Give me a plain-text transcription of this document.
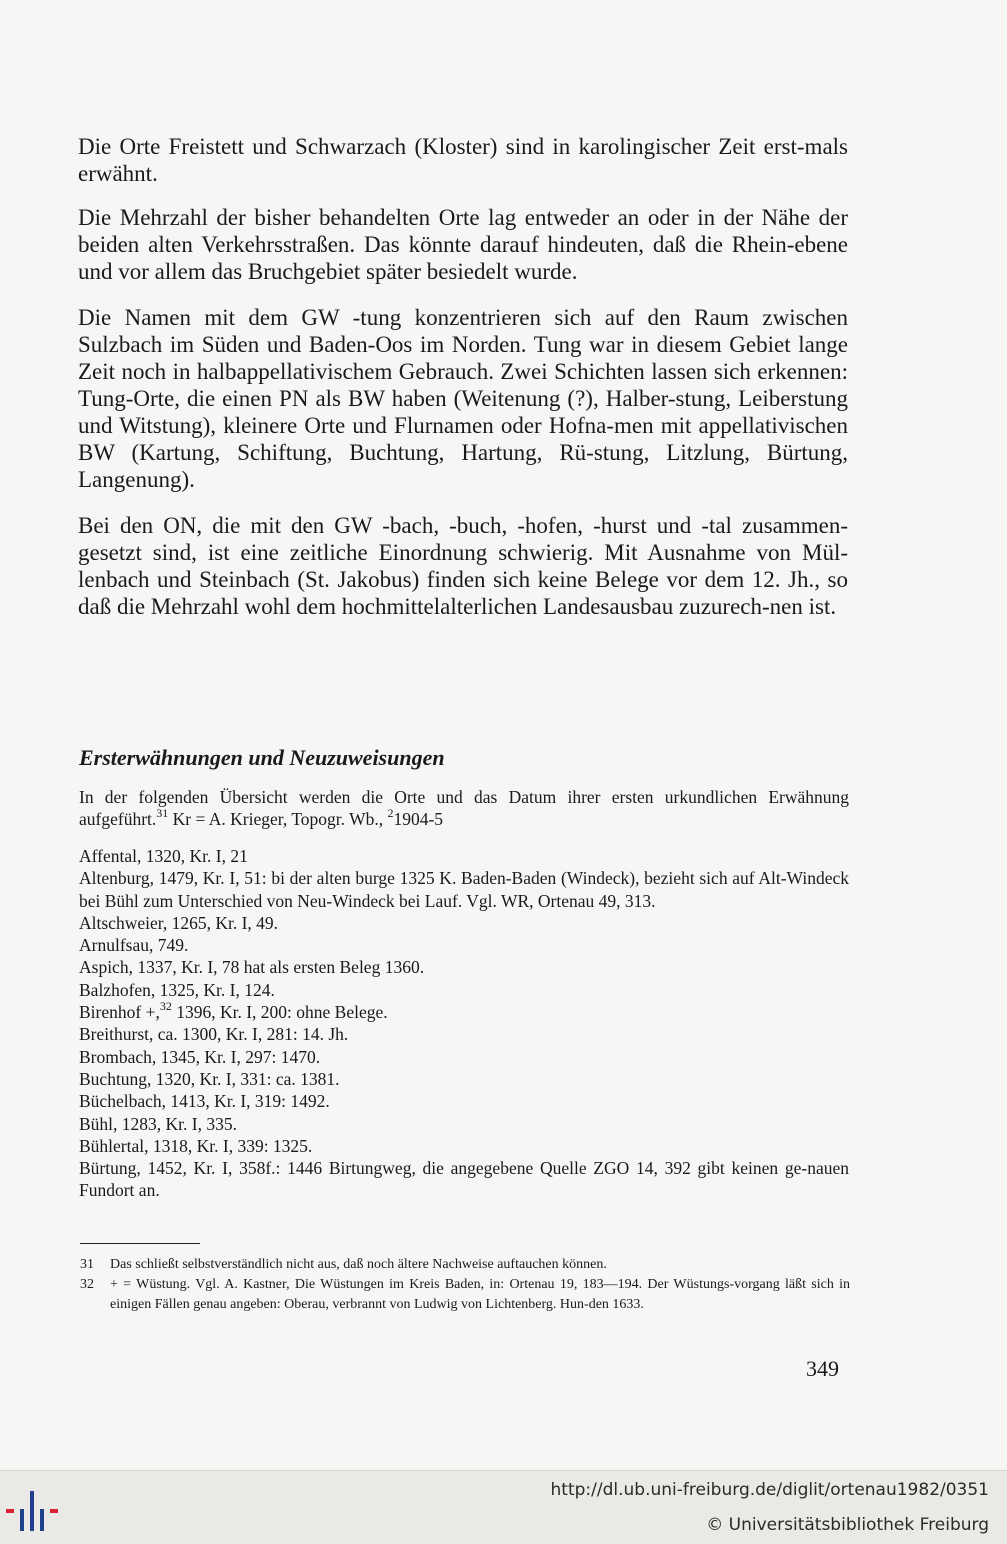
Die Orte Freistett und Schwarzach (Kloster) sind in karolingischer Zeit erst-mals erwähnt.

Die Mehrzahl der bisher behandelten Orte lag entweder an oder in der Nähe der beiden alten Verkehrsstraßen. Das könnte darauf hindeuten, daß die Rhein-ebene und vor allem das Bruchgebiet später besiedelt wurde.

Die Namen mit dem GW -tung konzentrieren sich auf den Raum zwischen Sulzbach im Süden und Baden-Oos im Norden. Tung war in diesem Gebiet lange Zeit noch in halbappellativischem Gebrauch. Zwei Schichten lassen sich erkennen: Tung-Orte, die einen PN als BW haben (Weitenung (?), Halber-stung, Leiberstung und Witstung), kleinere Orte und Flurnamen oder Hofna-men mit appellativischen BW (Kartung, Schiftung, Buchtung, Hartung, Rü-stung, Litzlung, Bürtung, Langenung).

Bei den ON, die mit den GW -bach, -buch, -hofen, -hurst und -tal zusammen-gesetzt sind, ist eine zeitliche Einordnung schwierig. Mit Ausnahme von Mül-lenbach und Steinbach (St. Jakobus) finden sich keine Belege vor dem 12. Jh., so daß die Mehrzahl wohl dem hochmittelalterlichen Landesausbau zuzurech-nen ist.

Ersterwähnungen und Neuzuweisungen

In der folgenden Übersicht werden die Orte und das Datum ihrer ersten urkundlichen Erwähnung aufgeführt.$^{31}$ Kr = A. Krieger, Topogr. Wb., $^2$1904-5

Affental, 1320, Kr. I, 21
Altenburg, 1479, Kr. I, 51: bi der alten burge 1325 K. Baden-Baden (Windeck), bezieht sich auf Alt-Windeck bei Bühl zum Unterschied von Neu-Windeck bei Lauf. Vgl. WR, Ortenau 49, 313.
Altschweier, 1265, Kr. I, 49.
Arnulfsau, 749.
Aspich, 1337, Kr. I, 78 hat als ersten Beleg 1360.
Balzhofen, 1325, Kr. I, 124.
Birenhof +,$^{32}$ 1396, Kr. I, 200: ohne Belege.
Breithurst, ca. 1300, Kr. I, 281: 14. Jh.
Brombach, 1345, Kr. I, 297: 1470.
Buchtung, 1320, Kr. I, 331: ca. 1381.
Büchelbach, 1413, Kr. I, 319: 1492.
Bühl, 1283, Kr. I, 335.
Bühlertal, 1318, Kr. I, 339: 1325.
Bürtung, 1452, Kr. I, 358f.: 1446 Birtungweg, die angegebene Quelle ZGO 14, 392 gibt keinen ge-nauen Fundort an.
31	Das schließt selbstverständlich nicht aus, daß noch ältere Nachweise auftauchen können.
32	+ = Wüstung. Vgl. A. Kastner, Die Wüstungen im Kreis Baden, in: Ortenau 19, 183—194. Der Wüstungs-vorgang läßt sich in einigen Fällen genau angeben: Oberau, verbrannt von Ludwig von Lichtenberg. Hun-den 1633.
349
http://dl.ub.uni-freiburg.de/diglit/ortenau1982/0351
© Universitätsbibliothek Freiburg
